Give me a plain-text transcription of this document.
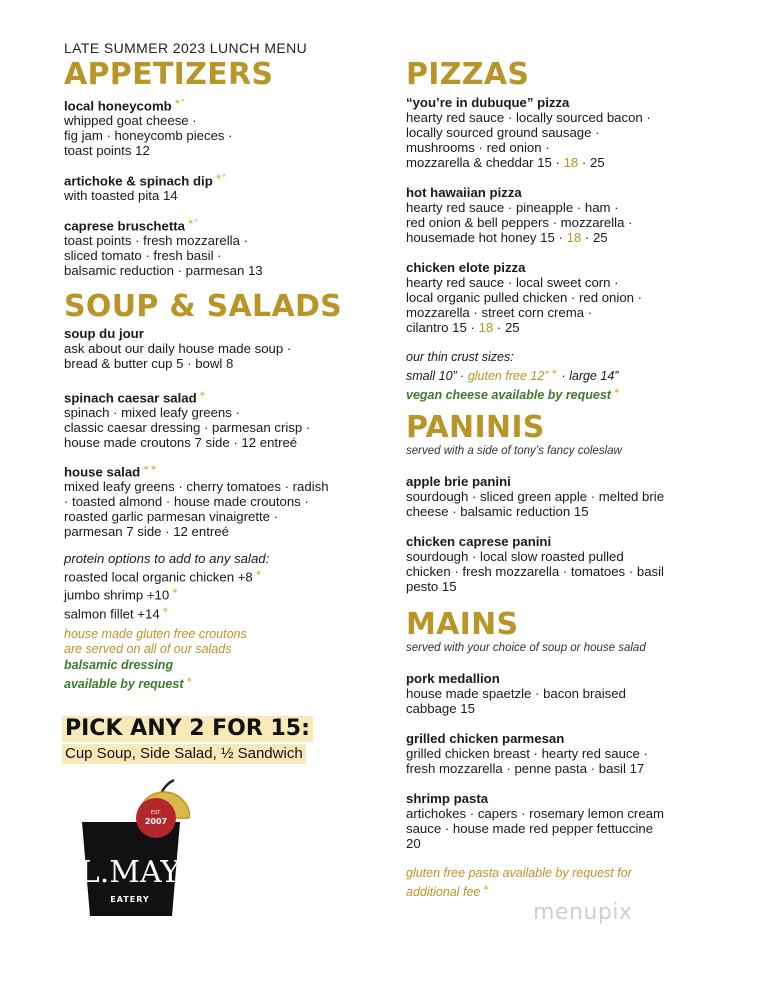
LATE SUMMER 2023 LUNCH MENU
APPETIZERS
local honeycomb ✶*
whipped goat cheese ·
fig jam · honeycomb pieces ·
toast points 12
artichoke & spinach dip ✶*
with toasted pita 14
caprese bruschetta ✶*
toast points · fresh mozzarella ·
sliced tomato · fresh basil ·
balsamic reduction · parmesan 13
SOUP & SALADS
soup du jour
ask about our daily house made soup ·
bread & butter cup 5 · bowl 8
spinach caesar salad ✶
spinach · mixed leafy greens ·
classic caesar dressing · parmesan crisp ·
house made croutons 7 side · 12 entreé
house salad ✶✶
mixed leafy greens · cherry tomatoes · radish
· toasted almond · house made croutons ·
roasted garlic parmesan vinaigrette ·
parmesan 7 side · 12 entreé
protein options to add to any salad:
roasted local organic chicken +8 ✶
jumbo shrimp +10 ✶
salmon fillet +14 ✶
house made gluten free croutons
are served on all of our salads
balsamic dressing
available by request ✶
PICK ANY 2 FOR 15:
Cup Soup, Side Salad, ½ Sandwich
EST.
2007
L.MAY
EATERY
PIZZAS
“you’re in dubuque” pizza
hearty red sauce · locally sourced bacon ·
locally sourced ground sausage ·
mushrooms · red onion ·
mozzarella & cheddar 15 · 18 · 25
hot hawaiian pizza
hearty red sauce · pineapple · ham ·
red onion & bell peppers · mozzarella ·
housemade hot honey 15 · 18 · 25
chicken elote pizza
hearty red sauce · local sweet corn ·
local organic pulled chicken · red onion ·
mozzarella · street corn crema ·
cilantro 15 · 18 · 25
our thin crust sizes:
small 10” · gluten free 12” ✶ · large 14”
vegan cheese available by request ✶
PANINIS
served with a side of tony’s fancy coleslaw
apple brie panini
sourdough · sliced green apple · melted brie
cheese · balsamic reduction 15
chicken caprese panini
sourdough · local slow roasted pulled
chicken · fresh mozzarella · tomatoes · basil
pesto 15
MAINS
served with your choice of soup or house salad
pork medallion
house made spaetzle · bacon braised
cabbage 15
grilled chicken parmesan
grilled chicken breast · hearty red sauce ·
fresh mozzarella · penne pasta · basil 17
shrimp pasta
artichokes · capers · rosemary lemon cream
sauce · house made red pepper fettuccine
20
gluten free pasta available by request for
additional fee ✶
menupix
